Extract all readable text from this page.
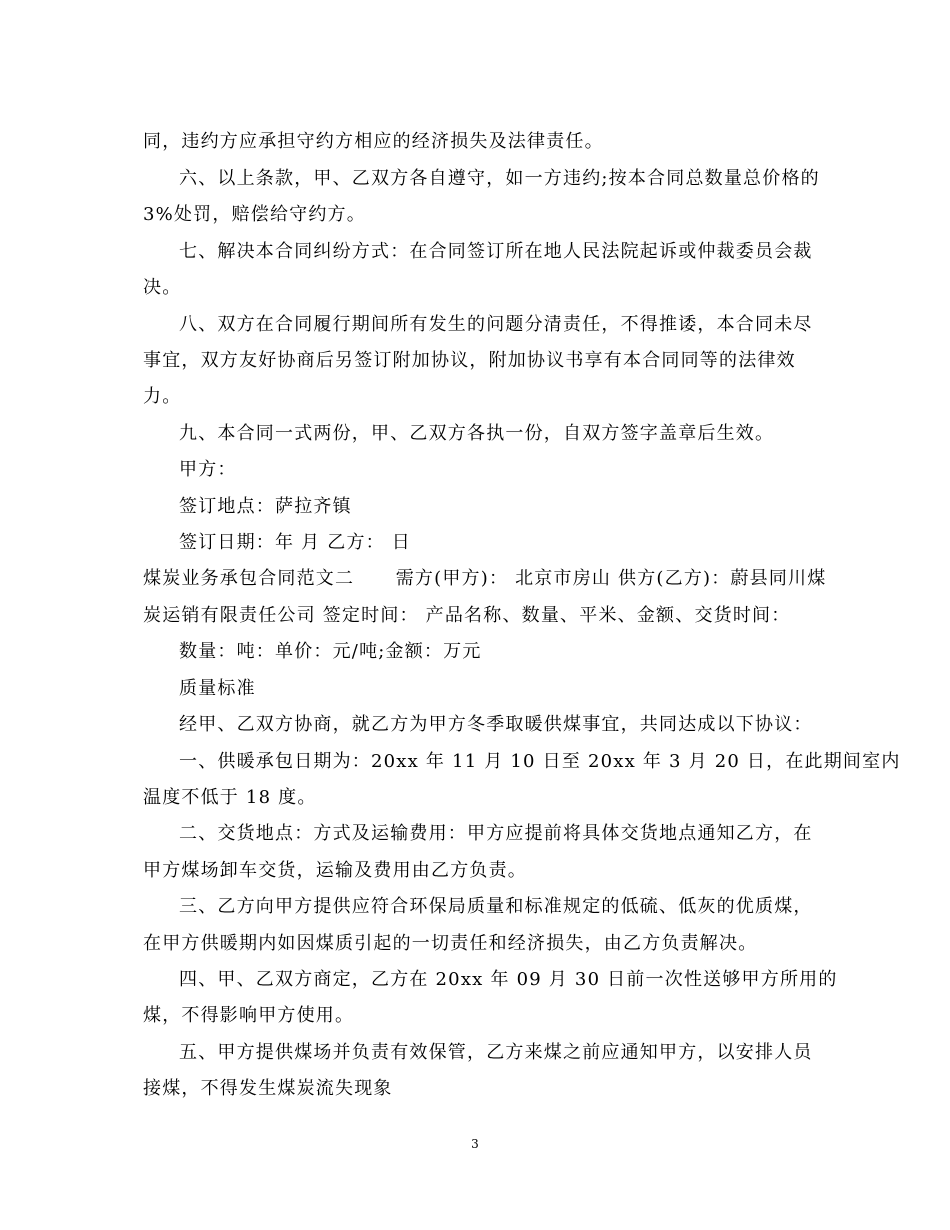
同，违约方应承担守约方相应的经济损失及法律责任。
六、以上条款，甲、乙双方各自遵守，如一方违约;按本合同总数量总价格的
3%处罚，赔偿给守约方。
七、解决本合同纠纷方式：在合同签订所在地人民法院起诉或仲裁委员会裁
决。
八、双方在合同履行期间所有发生的问题分清责任，不得推诿，本合同未尽
事宜，双方友好协商后另签订附加协议，附加协议书享有本合同同等的法律效
力。
九、本合同一式两份，甲、乙双方各执一份，自双方签字盖章后生效。
甲方：
签订地点：萨拉齐镇
签订日期：年 月 乙方： 日
煤炭业务承包合同范文二      需方(甲方)： 北京市房山 供方(乙方)：蔚县同川煤
炭运销有限责任公司 签定时间： 产品名称、数量、平米、金额、交货时间：
数量：吨：单价：元/吨;金额：万元
质量标准
经甲、乙双方协商，就乙方为甲方冬季取暖供煤事宜，共同达成以下协议：
一、供暖承包日期为：20xx 年 11 月 10 日至 20xx 年 3 月 20 日，在此期间室内
温度不低于 18 度。
二、交货地点：方式及运输费用：甲方应提前将具体交货地点通知乙方，在
甲方煤场卸车交货，运输及费用由乙方负责。
三、乙方向甲方提供应符合环保局质量和标准规定的低硫、低灰的优质煤，
在甲方供暖期内如因煤质引起的一切责任和经济损失，由乙方负责解决。
四、甲、乙双方商定，乙方在 20xx 年 09 月 30 日前一次性送够甲方所用的
煤，不得影响甲方使用。
五、甲方提供煤场并负责有效保管，乙方来煤之前应通知甲方，以安排人员
接煤，不得发生煤炭流失现象
3
